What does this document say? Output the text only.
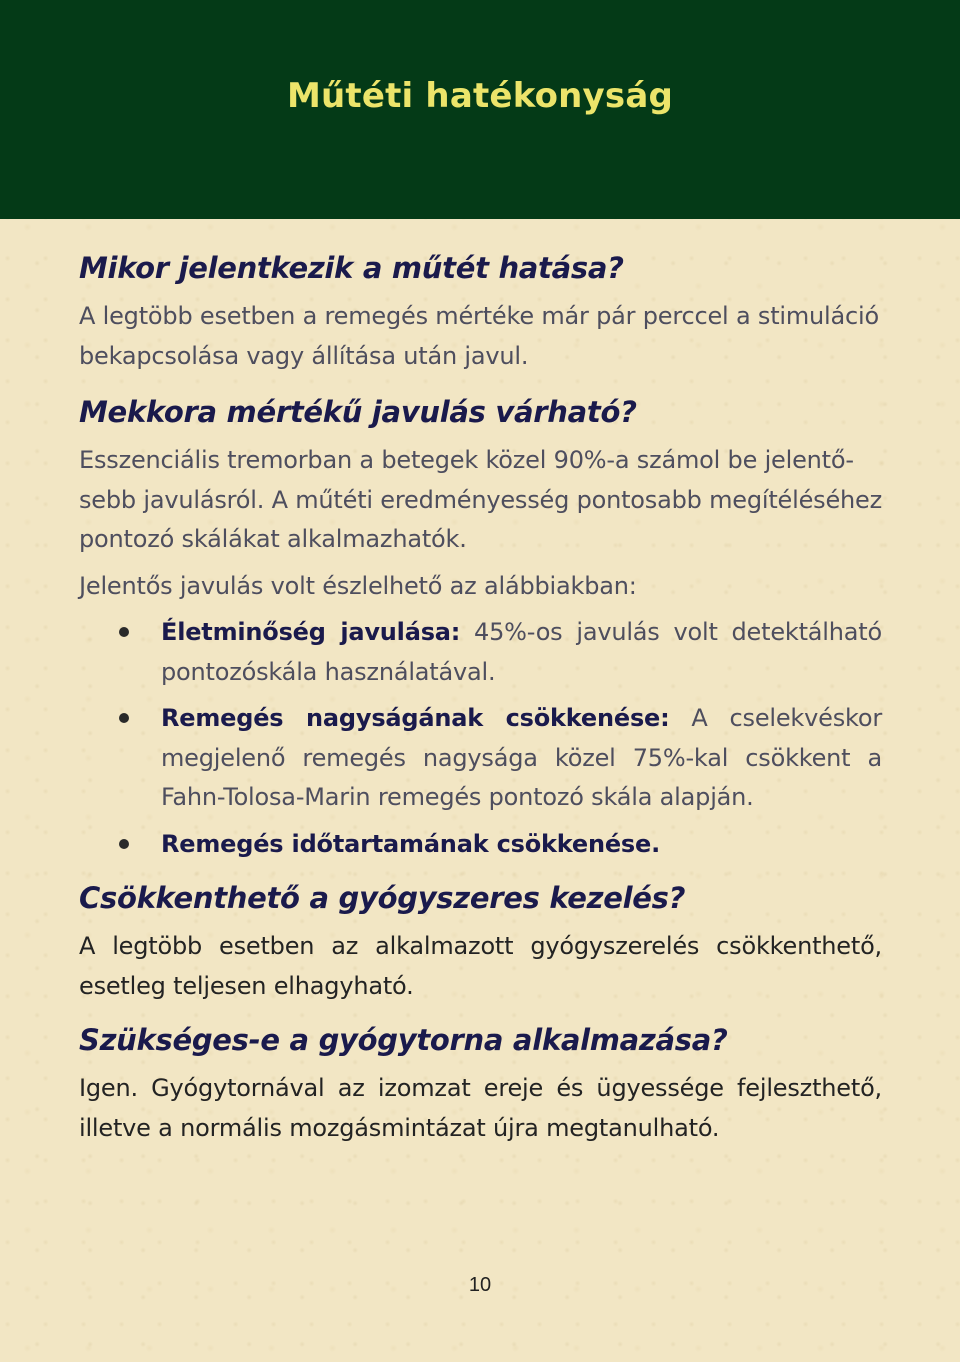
Műtéti hatékonyság
Mikor jelentkezik a műtét hatása?

A legtöbb esetben a remegés mértéke már pár perccel a stimuláció bekapcsolása vagy állítása után javul.

Mekkora mértékű javulás várható?

Esszenciális tremorban a betegek közel 90%-a számol be jelentő-
sebb javulásról. A műtéti eredményesség pontosabb megítéléséhez
pontozó skálákat alkalmazhatók.

Jelentős javulás volt észlelhető az alábbiakban:

Életminőség javulása: 45%-os javulás volt detektálható pontozóskála használatával.
Remegés nagyságának csökkenése: A cselekvéskor megjelenő remegés nagysága közel 75%-kal csökkent a Fahn-Tolosa-Marin remegés pontozó skála alapján.
Remegés időtartamának csökkenése.
Csökkenthető a gyógyszeres kezelés?

A legtöbb esetben az alkalmazott gyógyszerelés csökkenthető, esetleg teljesen elhagyható.

Szükséges-e a gyógytorna alkalmazása?

Igen. Gyógytornával az izomzat ereje és ügyessége fejleszthető, illetve a normális mozgásmintázat újra megtanulható.

10
